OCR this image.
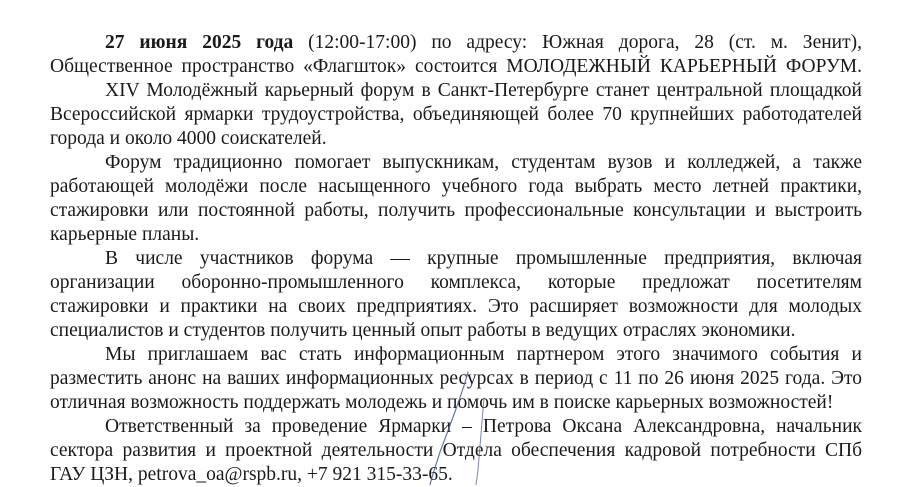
27 июня 2025 года (12:00-17:00) по адресу: Южная дорога, 28 (ст. м. Зенит),
Общественное пространство «Флагшток» состоится МОЛОДЕЖНЫЙ КАРЬЕРНЫЙ ФОРУМ.
XIV Молодёжный карьерный форум в Санкт-Петербурге станет центральной площадкой
Всероссийской ярмарки трудоустройства, объединяющей более 70 крупнейших работодателей
города и около 4000 соискателей.
Форум традиционно помогает выпускникам, студентам вузов и колледжей, а также
работающей молодёжи после насыщенного учебного года выбрать место летней практики,
стажировки или постоянной работы, получить профессиональные консультации и выстроить
карьерные планы.
В числе участников форума — крупные промышленные предприятия, включая
организации оборонно-промышленного комплекса, которые предложат посетителям
стажировки и практики на своих предприятиях. Это расширяет возможности для молодых
специалистов и студентов получить ценный опыт работы в ведущих отраслях экономики.
Мы приглашаем вас стать информационным партнером этого значимого события и
разместить анонс на ваших информационных ресурсах в период с 11 по 26 июня 2025 года. Это
отличная возможность поддержать молодежь и помочь им в поиске карьерных возможностей!
Ответственный за проведение Ярмарки – Петрова Оксана Александровна, начальник
сектора развития и проектной деятельности Отдела обеспечения кадровой потребности СПб
ГАУ ЦЗН, petrova_oa@rspb.ru, +7 921 315-33-65.
